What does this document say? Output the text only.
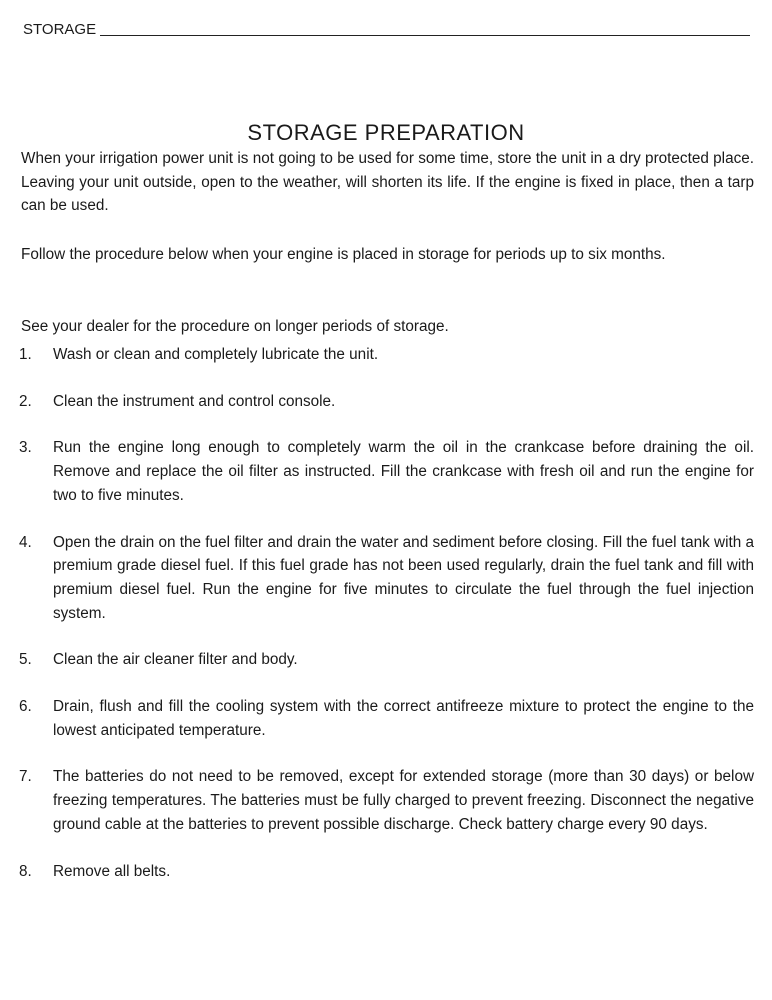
STORAGE
STORAGE PREPARATION

When your irrigation power unit is not going to be used for some time, store the unit in a dry protected place. Leaving your unit outside, open to the weather, will shorten its life. If the engine is fixed in place, then a tarp can be used.

Follow the procedure below when your engine is placed in storage for periods up to six months.

See your dealer for the procedure on longer periods of storage.

1.	Wash or clean and completely lubricate the unit.
2.	Clean the instrument and control console.
3.	Run the engine long enough to completely warm the oil in the crankcase before draining the oil. Remove and replace the oil filter as instructed. Fill the crankcase with fresh oil and run the engine for two to five minutes.
4.	Open the drain on the fuel filter and drain the water and sediment before closing. Fill the fuel tank with a premium grade diesel fuel. If this fuel grade has not been used regularly, drain the fuel tank and fill with premium diesel fuel. Run the engine for five minutes to circulate the fuel through the fuel injection system.
5.	Clean the air cleaner filter and body.
6.	Drain, flush and fill the cooling system with the correct antifreeze mixture to protect the engine to the lowest anticipated temperature.
7.	The batteries do not need to be removed, except for extended storage (more than 30 days) or below freezing temperatures. The batteries must be fully charged to prevent freezing. Disconnect the negative ground cable at the batteries to prevent possible discharge. Check battery charge every 90 days.
8.	Remove all belts.
